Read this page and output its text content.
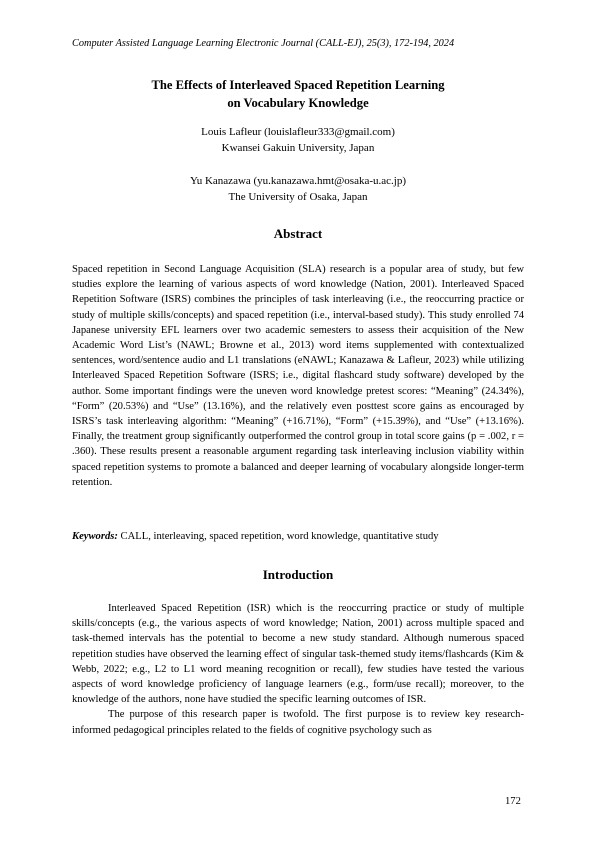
Computer Assisted Language Learning Electronic Journal (CALL-EJ), 25(3), 172-194, 2024
The Effects of Interleaved Spaced Repetition Learning
on Vocabulary Knowledge
Louis Lafleur (louislafleur333@gmail.com)
Kwansei Gakuin University, Japan
Yu Kanazawa (yu.kanazawa.hmt@osaka-u.ac.jp)
The University of Osaka, Japan
Abstract

Spaced repetition in Second Language Acquisition (SLA) research is a popular area of study, but few studies explore the learning of various aspects of word knowledge (Nation, 2001). Interleaved Spaced Repetition Software (ISRS) combines the principles of task interleaving (i.e., the reoccurring practice or study of multiple skills/concepts) and spaced repetition (i.e., interval-based study). This study enrolled 74 Japanese university EFL learners over two academic semesters to assess their acquisition of the New Academic Word List’s (NAWL; Browne et al., 2013) word items supplemented with contextualized sentences, word/sentence audio and L1 translations (eNAWL; Kanazawa & Lafleur, 2023) while utilizing Interleaved Spaced Repetition Software (ISRS; i.e., digital flashcard study software) developed by the author. Some important findings were the uneven word knowledge pretest scores: “Meaning” (24.34%), “Form” (20.53%) and “Use” (13.16%), and the relatively even posttest score gains as encouraged by ISRS’s task interleaving algorithm: “Meaning” (+16.71%), “Form” (+15.39%), and “Use” (+13.16%). Finally, the treatment group significantly outperformed the control group in total score gains (p = .002, r = .360). These results present a reasonable argument regarding task interleaving inclusion viability within spaced repetition systems to promote a balanced and deeper learning of vocabulary alongside longer-term retention.

Keywords: CALL, interleaving, spaced repetition, word knowledge, quantitative study
Introduction

Interleaved Spaced Repetition (ISR) which is the reoccurring practice or study of multiple skills/concepts (e.g., the various aspects of word knowledge; Nation, 2001) across multiple spaced and task-themed intervals has the potential to become a new study standard. Although numerous spaced repetition studies have observed the learning effect of singular task-themed study items/flashcards (Kim & Webb, 2022; e.g., L2 to L1 word meaning recognition or recall), few studies have tested the various aspects of word knowledge proficiency of language learners (e.g., form/use recall); moreover, to the knowledge of the authors, none have studied the specific learning outcomes of ISR.

The purpose of this research paper is twofold. The first purpose is to review key research-informed pedagogical principles related to the fields of cognitive psychology such as

172
